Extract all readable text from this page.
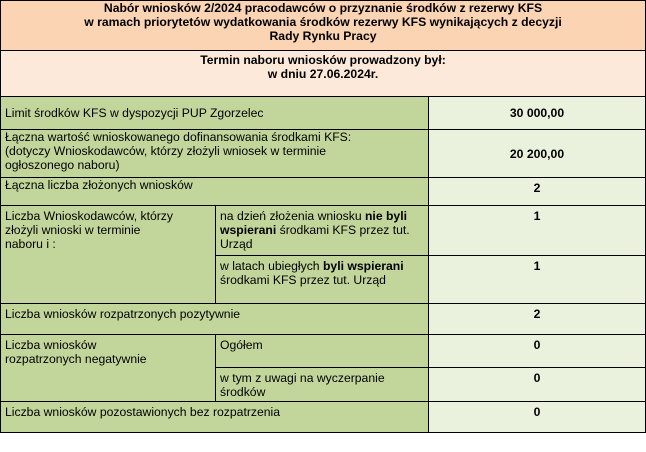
Nabór wniosków 2/2024 pracodawców o przyznanie środków z rezerwy KFS
w ramach priorytetów wydatkowania środków rezerwy KFS wynikających z decyzji
Rady Rynku Pracy		

Termin naboru wniosków prowadzony był:
w dniu 27.06.2024r.		

Limit środków KFS w dyspozycji PUP Zgorzelec		30 000,00

Łączna wartość wnioskowanego dofinansowania środkami KFS:
(dotyczy Wnioskodawców, którzy złożyli wniosek w terminie
ogłoszonego naboru)		20 200,00
Łączna liczba złożonych wniosków		2

Liczba Wnioskodawców, którzy
złożyli wnioski w terminie
naboru i :	na dzień złożenia wniosku nie byli wspierani środkami KFS przez tut. Urząd	1
	w latach ubiegłych byli wspierani środkami KFS przez tut. Urząd	1
Liczba wniosków rozpatrzonych pozytywnie		2

Liczba wniosków
rozpatrzonych negatywnie	Ogółem	0
	w tym z uwagi na wyczerpanie środków	0
Liczba wniosków pozostawionych bez rozpatrzenia		0
